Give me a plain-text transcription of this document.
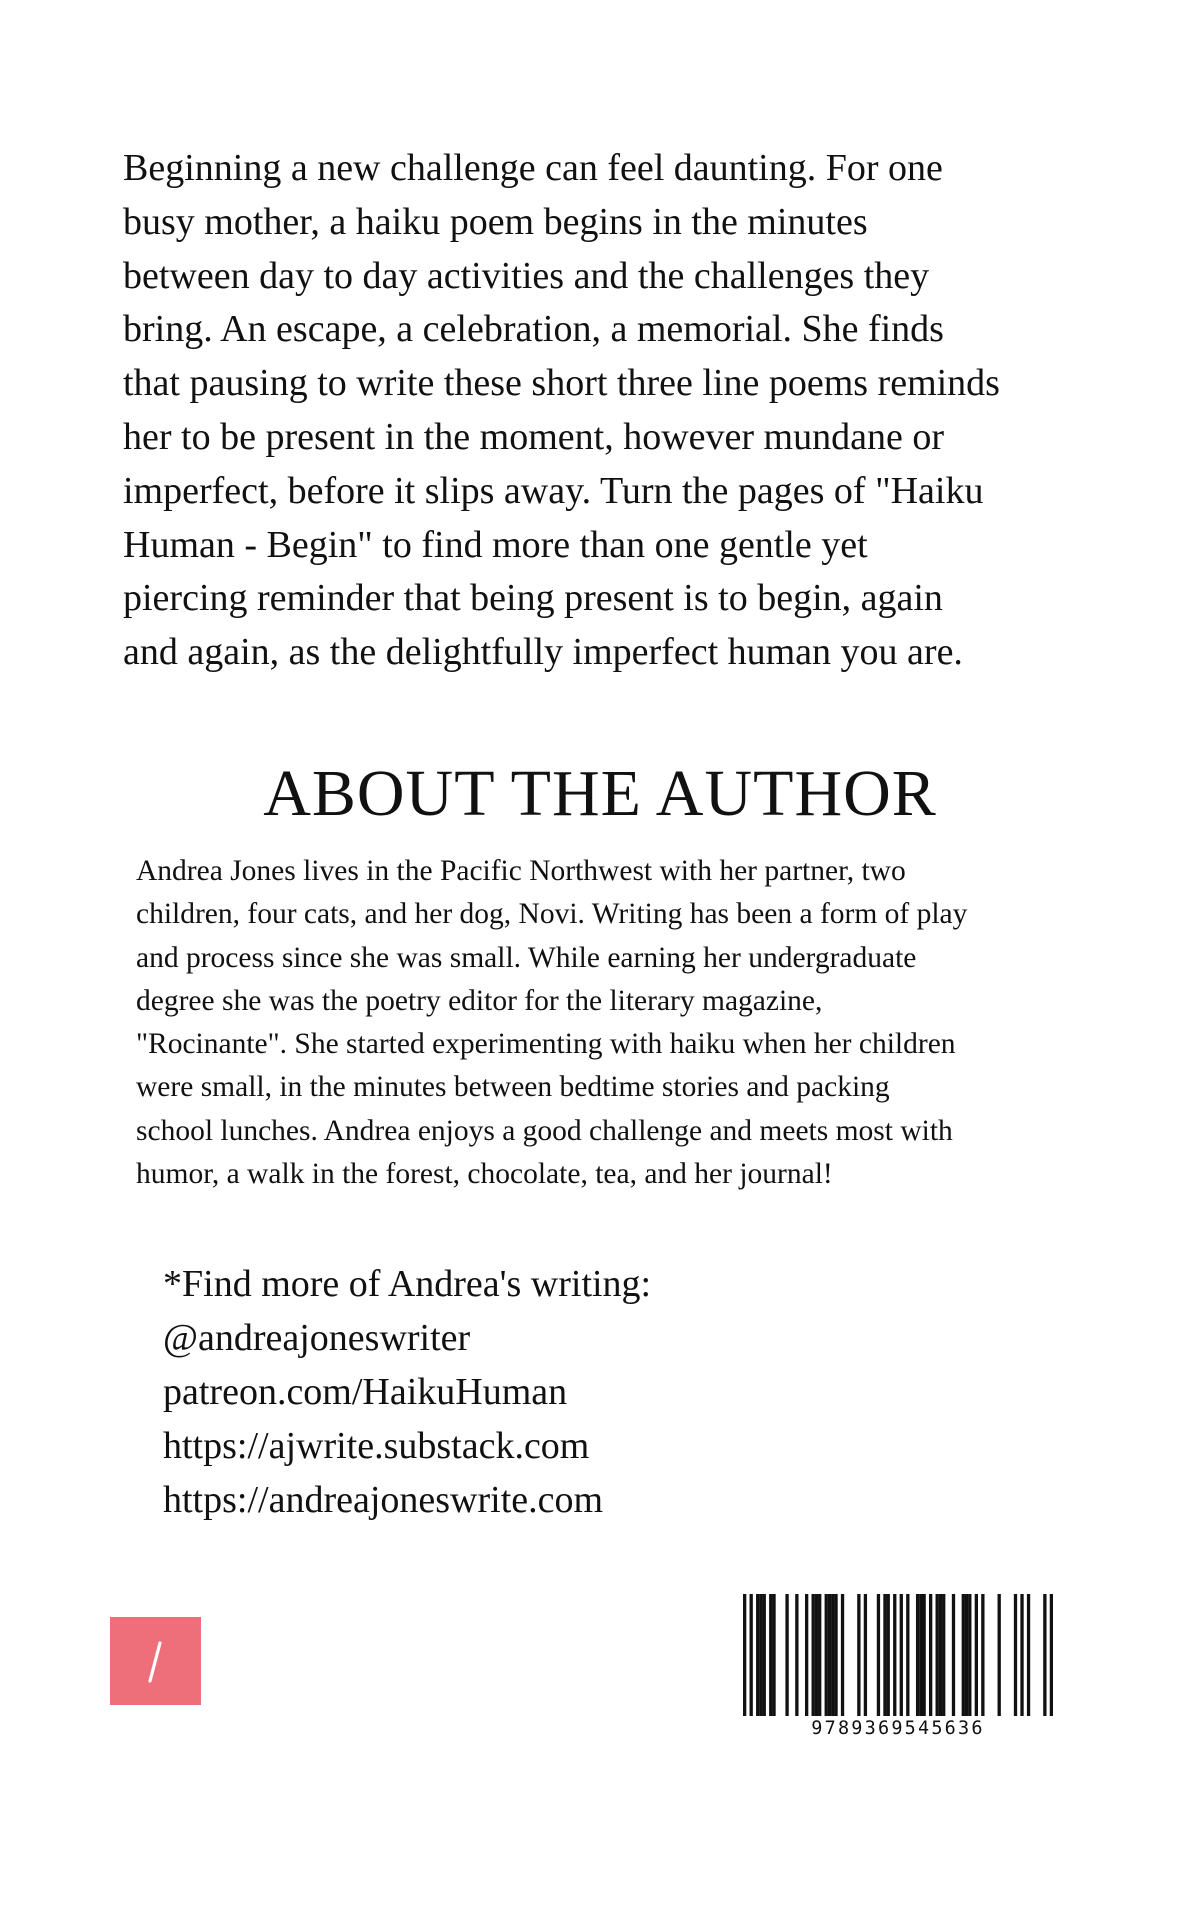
Beginning a new challenge can feel daunting. For one
busy mother, a haiku poem begins in the minutes
between day to day activities and the challenges they
bring. An escape, a celebration, a memorial. She finds
that pausing to write these short three line poems reminds
her to be present in the moment, however mundane or
imperfect, before it slips away. Turn the pages of "Haiku
Human - Begin" to find more than one gentle yet
piercing reminder that being present is to begin, again
and again, as the delightfully imperfect human you are.

ABOUT THE AUTHOR

Andrea Jones lives in the Pacific Northwest with her partner, two
children, four cats, and her dog, Novi. Writing has been a form of play
and process since she was small. While earning her undergraduate
degree she was the poetry editor for the literary magazine,
"Rocinante". She started experimenting with haiku when her children
were small, in the minutes between bedtime stories and packing
school lunches. Andrea enjoys a good challenge and meets most with
humor, a walk in the forest, chocolate, tea, and her journal!

*Find more of Andrea's writing:
@andreajoneswriter
patreon.com/HaikuHuman
https://ajwrite.substack.com
https://andreajoneswrite.com
9789369545636
